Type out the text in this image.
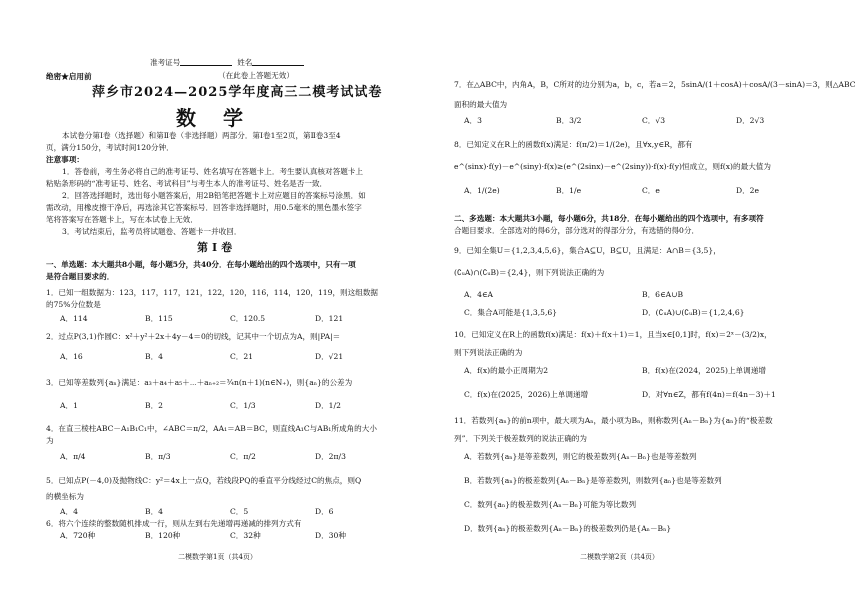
准考证号	姓名
绝密★启用前	（在此卷上答题无效）
萍乡市2024—2025学年度高三二模考试试卷
数 学
本试卷分第Ⅰ卷（选择题）和第Ⅱ卷（非选择题）两部分．第Ⅰ卷1至2页，第Ⅱ卷3至4
页，满分150分，考试时间120分钟．
注意事项：
1．答卷前，考生务必将自己的准考证号、姓名填写在答题卡上．考生要认真核对答题卡上
粘贴条形码的“准考证号、姓名、考试科目”与考生本人的准考证号、姓名是否一致．
2．回答选择题时，选出每小题答案后，用2B铅笔把答题卡上对应题目的答案标号涂黑．如
需改动，用橡皮擦干净后，再选涂其它答案标号．回答非选择题时，用0.5毫米的黑色墨水签字
笔将答案写在答题卡上，写在本试卷上无效．
3．考试结束后，监考员将试题卷、答题卡一并收回．
第Ⅰ卷
一、单选题：本大题共8小题，每小题5分，共40分．在每小题给出的四个选项中，只有一项
是符合题目要求的．
1．已知一组数据为：123，117，117，121，122，120，116，114，120，119，则这组数据
的75%分位数是
A．114	B．115	C．120.5	D．121
2．过点P(3,1)作圆C：x²＋y²＋2x＋4y－4＝0的切线，记其中一个切点为A，则|PA|＝
A．16	B．4	C．21	D．√21
3．已知等差数列{aₙ}满足：a₃＋a₄＋a₅＋⋯＋aₙ₊₂＝¾n(n＋1)(n∈N₊)，则{aₙ}的公差为
A．1	B．2	C．1/3	D．1/2
4．在直三棱柱ABC－A₁B₁C₁中，∠ABC＝π/2，AA₁＝AB＝BC，则直线A₁C与AB₁所成角的大小
为
A．π/4	B．π/3	C．π/2	D．2π/3
5．已知点P(－4,0)及抛物线C：y²＝4x上一点Q，若线段PQ的垂直平分线经过C的焦点，则Q
的横坐标为
A．4	B．4	C．5	D．6
6．将六个连续的整数随机排成一行，则从左到右先递增再递减的排列方式有
A．720种	B．120种	C．32种	D．30种
二模数学第1页（共4页）
7．在△ABC中，内角A，B，C所对的边分别为a，b，c，若a＝2，5sinA/(1＋cosA)＋cosA/(3－sinA)＝3，则△ABC
面积的最大值为
A．3	B．3/2	C．√3	D．2√3
8．已知定义在R上的函数f(x)满足：f(π/2)＝1/(2e)，且∀x,y∈R，都有
e^(sinx)·f(y)－e^(siny)·f(x)≥(e^(2sinx)－e^(2siny))·f(x)·f(y)恒成立，则f(x)的最大值为
A．1/(2e)	B．1/e	C．e	D．2e
二、多选题：本大题共3小题，每小题6分，共18分．在每小题给出的四个选项中，有多项符
合题目要求．全部选对的得6分，部分选对的得部分分，有选错的得0分．
9．已知全集U＝{1,2,3,4,5,6}，集合A⊆U，B⊆U，且满足：A∩B＝{3,5}，
(∁ᵤA)∩(∁ᵤB)＝{2,4}，则下列说法正确的为
A．4∈A	B．6∈A∪B
C．集合A可能是{1,3,5,6}	D．(∁ᵤA)∪(∁ᵤB)＝{1,2,4,6}
10．已知定义在R上的函数f(x)满足：f(x)＋f(x＋1)＝1，且当x∈[0,1]时，f(x)＝2ˣ－(3/2)x，
则下列说法正确的为
A．f(x)的最小正周期为2	B．f(x)在(2024，2025)上单调递增
C．f(x)在(2025，2026)上单调递增	D．对∀n∈Z，都有f(4n)＝f(4n－3)＋1
11．若数列{aₙ}的前n项中，最大项为Aₙ，最小项为Bₙ，则称数列{Aₙ－Bₙ}为{aₙ}的“极差数
列”．下列关于极差数列的说法正确的为
A．若数列{aₙ}是等差数列，则它的极差数列{Aₙ－Bₙ}也是等差数列
B．若数列{aₙ}的极差数列{Aₙ－Bₙ}是等差数列，则数列{aₙ}也是等差数列
C．数列{aₙ}的极差数列{Aₙ－Bₙ}可能为等比数列
D．数列{aₙ}的极差数列{Aₙ－Bₙ}的极差数列仍是{Aₙ－Bₙ}
二模数学第2页（共4页）
